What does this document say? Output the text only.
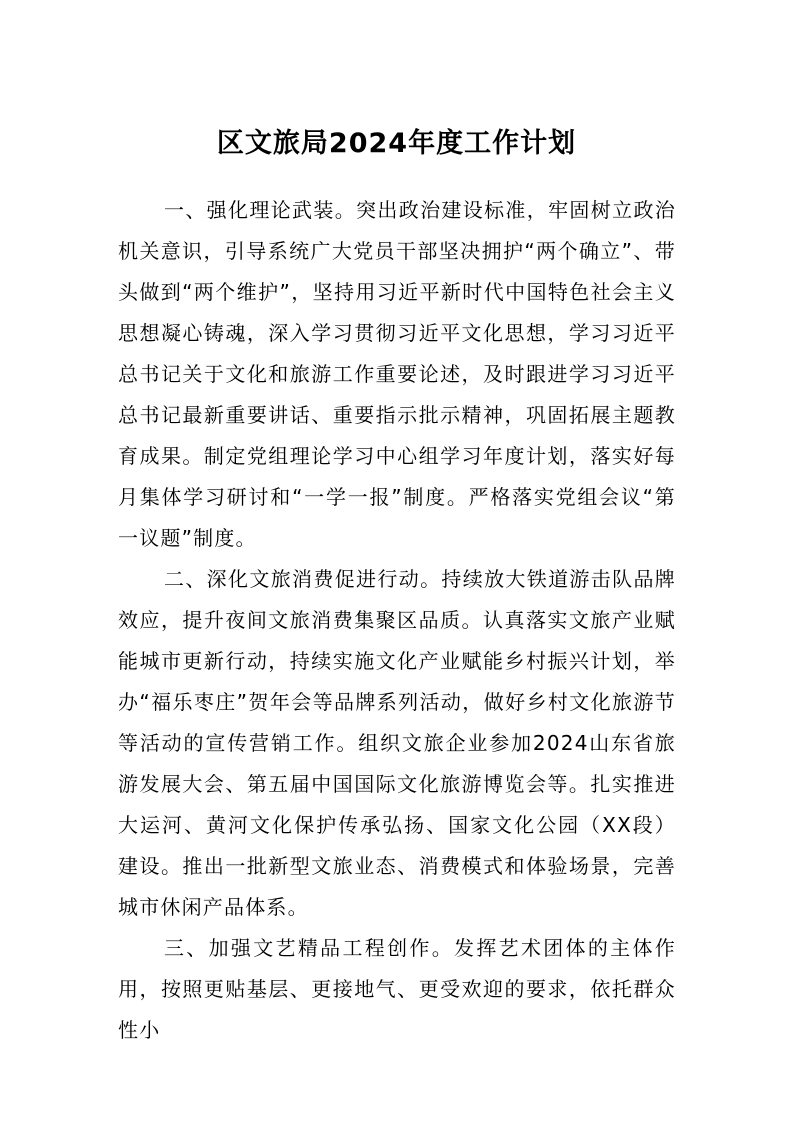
区文旅局2024年度工作计划

一、强化理论武装。突出政治建设标准，牢固树立政治机关意识，引导系统广大党员干部坚决拥护“两个确立”、带头做到“两个维护”，坚持用习近平新时代中国特色社会主义思想凝心铸魂，深入学习贯彻习近平文化思想，学习习近平总书记关于文化和旅游工作重要论述，及时跟进学习习近平总书记最新重要讲话、重要指示批示精神，巩固拓展主题教育成果。制定党组理论学习中心组学习年度计划，落实好每月集体学习研讨和“一学一报”制度。严格落实党组会议“第一议题”制度。

二、深化文旅消费促进行动。持续放大铁道游击队品牌效应，提升夜间文旅消费集聚区品质。认真落实文旅产业赋能城市更新行动，持续实施文化产业赋能乡村振兴计划，举办“福乐枣庄”贺年会等品牌系列活动，做好乡村文化旅游节等活动的宣传营销工作。组织文旅企业参加2024山东省旅游发展大会、第五届中国国际文化旅游博览会等。扎实推进大运河、黄河文化保护传承弘扬、国家文化公园（XX段）建设。推出一批新型文旅业态、消费模式和体验场景，完善城市休闲产品体系。

三、加强文艺精品工程创作。发挥艺术团体的主体作用，按照更贴基层、更接地气、更受欢迎的要求，依托群众性小
